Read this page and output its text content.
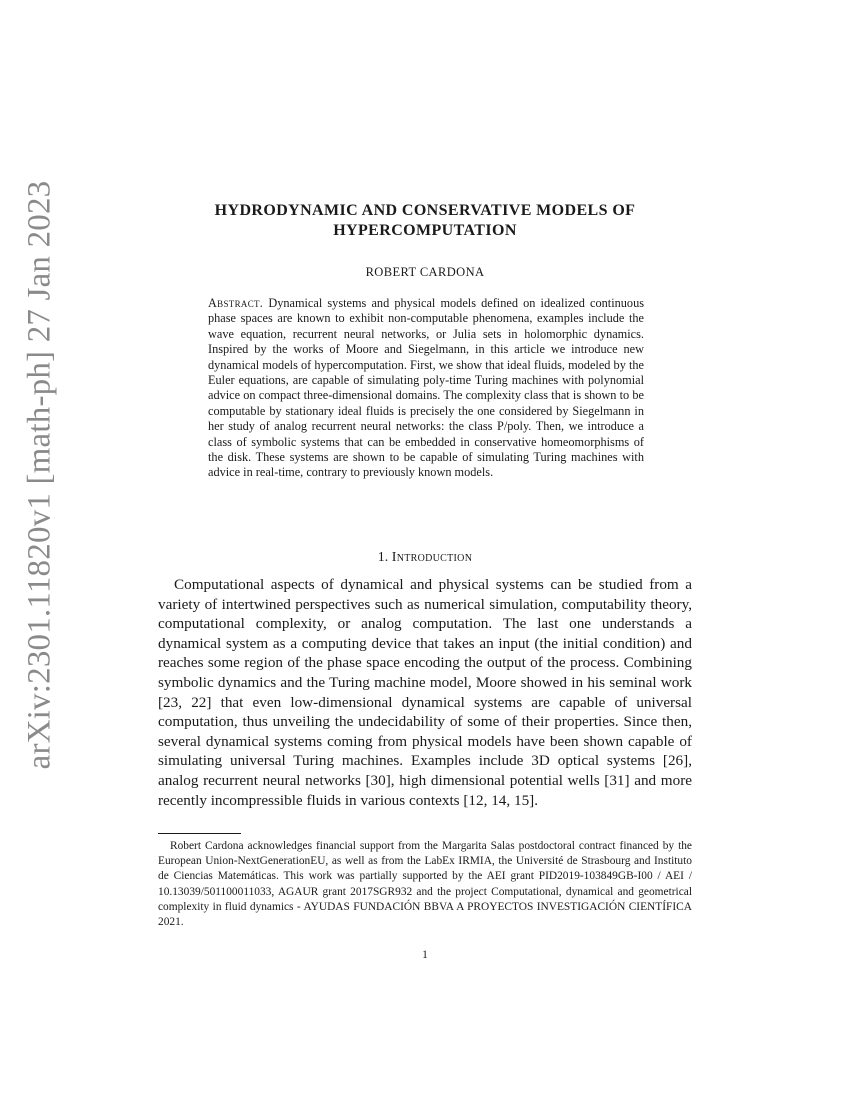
arXiv:2301.11820v1 [math-ph] 27 Jan 2023	HYDRODYNAMIC AND CONSERVATIVE MODELS OF HYPERCOMPUTATION
ROBERT CARDONA
Abstract. Dynamical systems and physical models defined on idealized continuous phase spaces are known to exhibit non-computable phenomena, examples include the wave equation, recurrent neural networks, or Julia sets in holomorphic dynamics. Inspired by the works of Moore and Siegelmann, in this article we introduce new dynamical models of hypercomputation. First, we show that ideal fluids, modeled by the Euler equations, are capable of simulating poly-time Turing machines with polynomial advice on compact three-dimensional domains. The complexity class that is shown to be computable by stationary ideal fluids is precisely the one considered by Siegelmann in her study of analog recurrent neural networks: the class P/poly. Then, we introduce a class of symbolic systems that can be embedded in conservative homeomorphisms of the disk. These systems are shown to be capable of simulating Turing machines with advice in real-time, contrary to previously known models.
1. Introduction
Computational aspects of dynamical and physical systems can be studied from a variety of intertwined perspectives such as numerical simulation, computability theory, computational complexity, or analog computation. The last one understands a dynamical system as a computing device that takes an input (the initial condition) and reaches some region of the phase space encoding the output of the process. Combining symbolic dynamics and the Turing machine model, Moore showed in his seminal work [23, 22] that even low-dimensional dynamical systems are capable of universal computation, thus unveiling the undecidability of some of their properties. Since then, several dynamical systems coming from physical models have been shown capable of simulating universal Turing machines. Examples include 3D optical systems [26], analog recurrent neural networks [30], high dimensional potential wells [31] and more recently incompressible fluids in various contexts [12, 14, 15].
Robert Cardona acknowledges financial support from the Margarita Salas postdoctoral contract financed by the European Union-NextGenerationEU, as well as from the LabEx IRMIA, the Université de Strasbourg and Instituto de Ciencias Matemáticas. This work was partially supported by the AEI grant PID2019-103849GB-I00 / AEI / 10.13039/501100011033, AGAUR grant 2017SGR932 and the project Computational, dynamical and geometrical complexity in fluid dynamics - AYUDAS FUNDACIÓN BBVA A PROYECTOS INVESTIGACIÓN CIENTÍFICA 2021.
1
